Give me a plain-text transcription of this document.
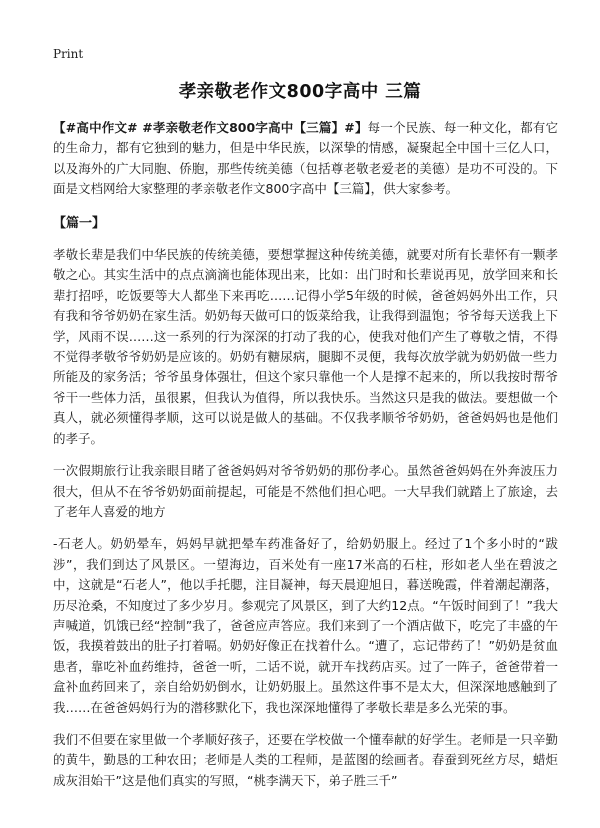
Print
孝亲敬老作文800字高中 三篇

【#高中作文# #孝亲敬老作文800字高中【三篇】#】每一个民族、每一种文化，都有它的生命力，都有它独到的魅力，但是中华民族，以深挚的情感，凝聚起全中国十三亿人口，以及海外的广大同胞、侨胞，那些传统美德（包括尊老敬老爱老的美德）是功不可没的。下面是文档网给大家整理的孝亲敬老作文800字高中【三篇】，供大家参考。

【篇一】

孝敬长辈是我们中华民族的传统美德，要想掌握这种传统美德，就要对所有长辈怀有一颗孝敬之心。其实生活中的点点滴滴也能体现出来，比如：出门时和长辈说再见，放学回来和长辈打招呼，吃饭要等大人都坐下来再吃……记得小学5年级的时候，爸爸妈妈外出工作，只有我和爷爷奶奶在家生活。奶奶每天做可口的饭菜给我，让我得到温饱；爷爷每天送我上下学，风雨不误……这一系列的行为深深的打动了我的心，使我对他们产生了尊敬之情，不得不觉得孝敬爷爷奶奶是应该的。奶奶有糖尿病，腿脚不灵便，我每次放学就为奶奶做一些力所能及的家务活；爷爷虽身体强壮，但这个家只靠他一个人是撑不起来的，所以我按时帮爷爷干一些体力活，虽很累，但我认为值得，所以我快乐。当然这只是我的做法。要想做一个真人，就必须懂得孝顺，这可以说是做人的基础。不仅我孝顺爷爷奶奶，爸爸妈妈也是他们的孝子。

一次假期旅行让我亲眼目睹了爸爸妈妈对爷爷奶奶的那份孝心。虽然爸爸妈妈在外奔波压力很大，但从不在爷爷奶奶面前提起，可能是不然他们担心吧。一大早我们就踏上了旅途，去了老年人喜爱的地方

-石老人。奶奶晕车，妈妈早就把晕车药准备好了，给奶奶服上。经过了1个多小时的“跋涉”，我们到达了风景区。一望海边，百米处有一座17米高的石柱，形如老人坐在碧波之中，这就是“石老人”，他以手托腮，注目凝神，每天晨迎旭日，暮送晚霞，伴着潮起潮落，历尽沧桑，不知度过了多少岁月。参观完了风景区，到了大约12点。“午饭时间到了！”我大声喊道，饥饿已经“控制”我了，爸爸应声答应。我们来到了一个酒店做下，吃完了丰盛的午饭，我摸着鼓出的肚子打着嗝。奶奶好像正在找着什么。“遭了，忘记带药了！”奶奶是贫血患者，靠吃补血药维持，爸爸一听，二话不说，就开车找药店买。过了一阵子，爸爸带着一盒补血药回来了，亲自给奶奶倒水，让奶奶服上。虽然这件事不是太大，但深深地感触到了我……在爸爸妈妈行为的潜移默化下，我也深深地懂得了孝敬长辈是多么光荣的事。

我们不但要在家里做一个孝顺好孩子，还要在学校做一个懂奉献的好学生。老师是一只辛勤的黄牛，勤恳的工种农田；老师是人类的工程师，是蓝图的绘画者。春蚕到死丝方尽，蜡炬成灰泪始干”这是他们真实的写照，“桃李满天下，弟子胜三千”
